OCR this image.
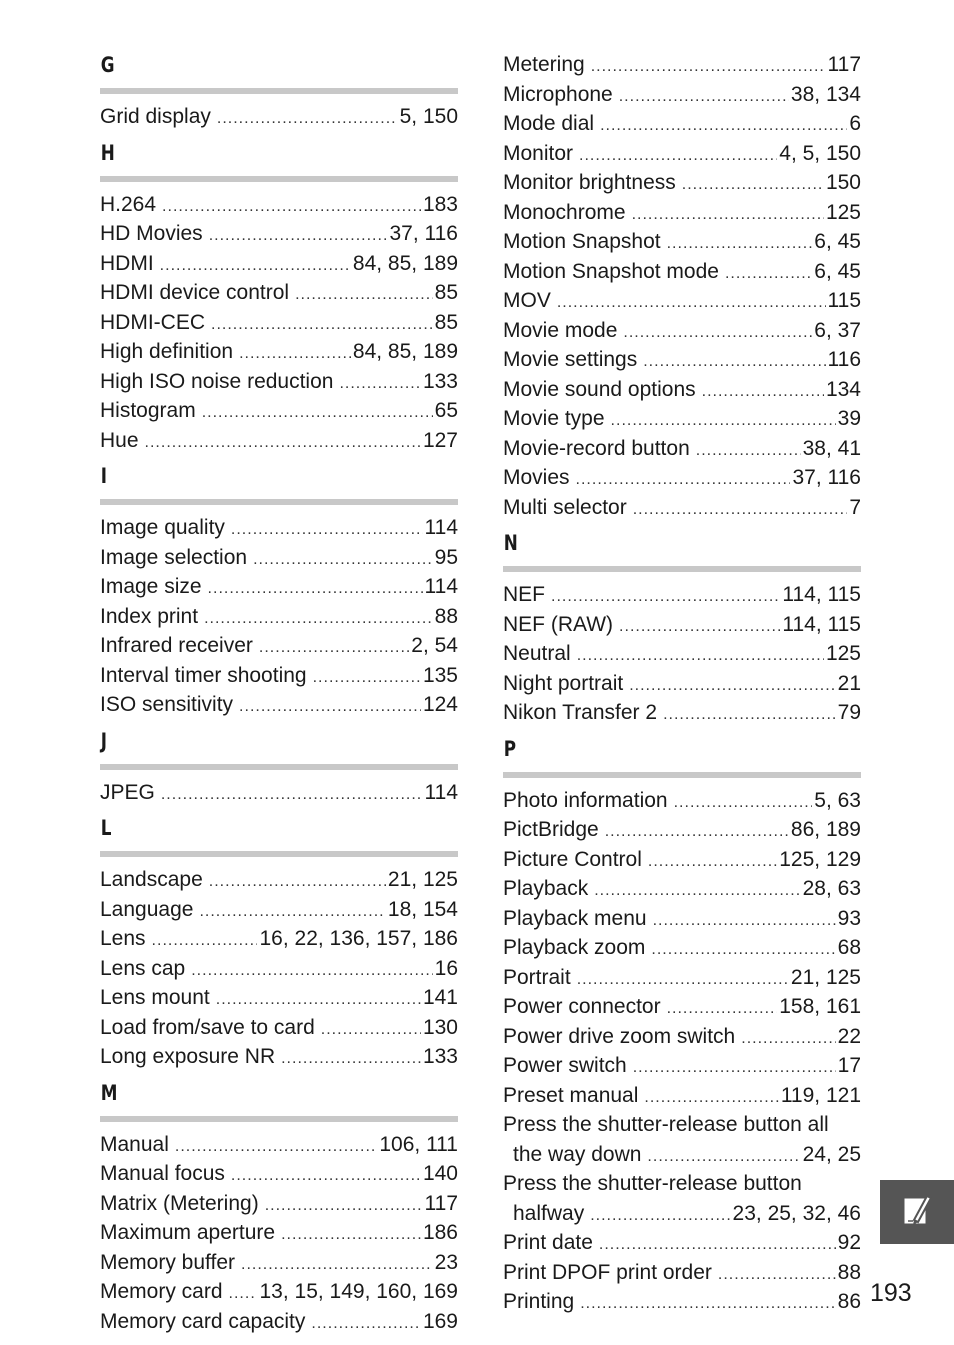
G
Grid display .....	5, 150
H
H.264 .....	183
HD Movies .....	37, 116
HDMI .....	84, 85, 189
HDMI device control .....	85
HDMI-CEC .....	85
High definition .....	84, 85, 189
High ISO noise reduction .....	133
Histogram .....	65
Hue .....	127
I
Image quality .....	114
Image selection .....	95
Image size .....	114
Index print .....	88
Infrared receiver .....	2, 54
Interval timer shooting .....	135
ISO sensitivity .....	124
J
JPEG .....	114
L
Landscape .....	21, 125
Language .....	18, 154
Lens .....	16, 22, 136, 157, 186
Lens cap .....	16
Lens mount .....	141
Load from/save to card .....	130
Long exposure NR .....	133
M
Manual .....	106, 111
Manual focus .....	140
Matrix (Metering) .....	117
Maximum aperture .....	186
Memory buffer .....	23
Memory card ..... 13, 15, 149, 160, 169
Memory card capacity .....	169
Metering .....	117
Microphone .....	38, 134
Mode dial .....	6
Monitor .....	4, 5, 150
Monitor brightness .....	150
Monochrome .....	125
Motion Snapshot .....	6, 45
Motion Snapshot mode .....	6, 45
MOV .....	115
Movie mode .....	6, 37
Movie settings .....	116
Movie sound options .....	134
Movie type .....	39
Movie-record button .....	38, 41
Movies .....	37, 116
Multi selector .....	7
N
NEF .....	114, 115
NEF (RAW) .....	114, 115
Neutral .....	125
Night portrait .....	21
Nikon Transfer 2 .....	79
P
Photo information .....	5, 63
PictBridge .....	86, 189
Picture Control .....	125, 129
Playback .....	28, 63
Playback menu .....	93
Playback zoom .....	68
Portrait .....	21, 125
Power connector .....	158, 161
Power drive zoom switch .....	22
Power switch .....	17
Preset manual .....	119, 121
Press the shutter-release button all
the way down .....	24, 25
Press the shutter-release button
halfway .....	23, 25, 32, 46
Print date .....	92
Print DPOF print order .....	88
Printing .....	86 193
